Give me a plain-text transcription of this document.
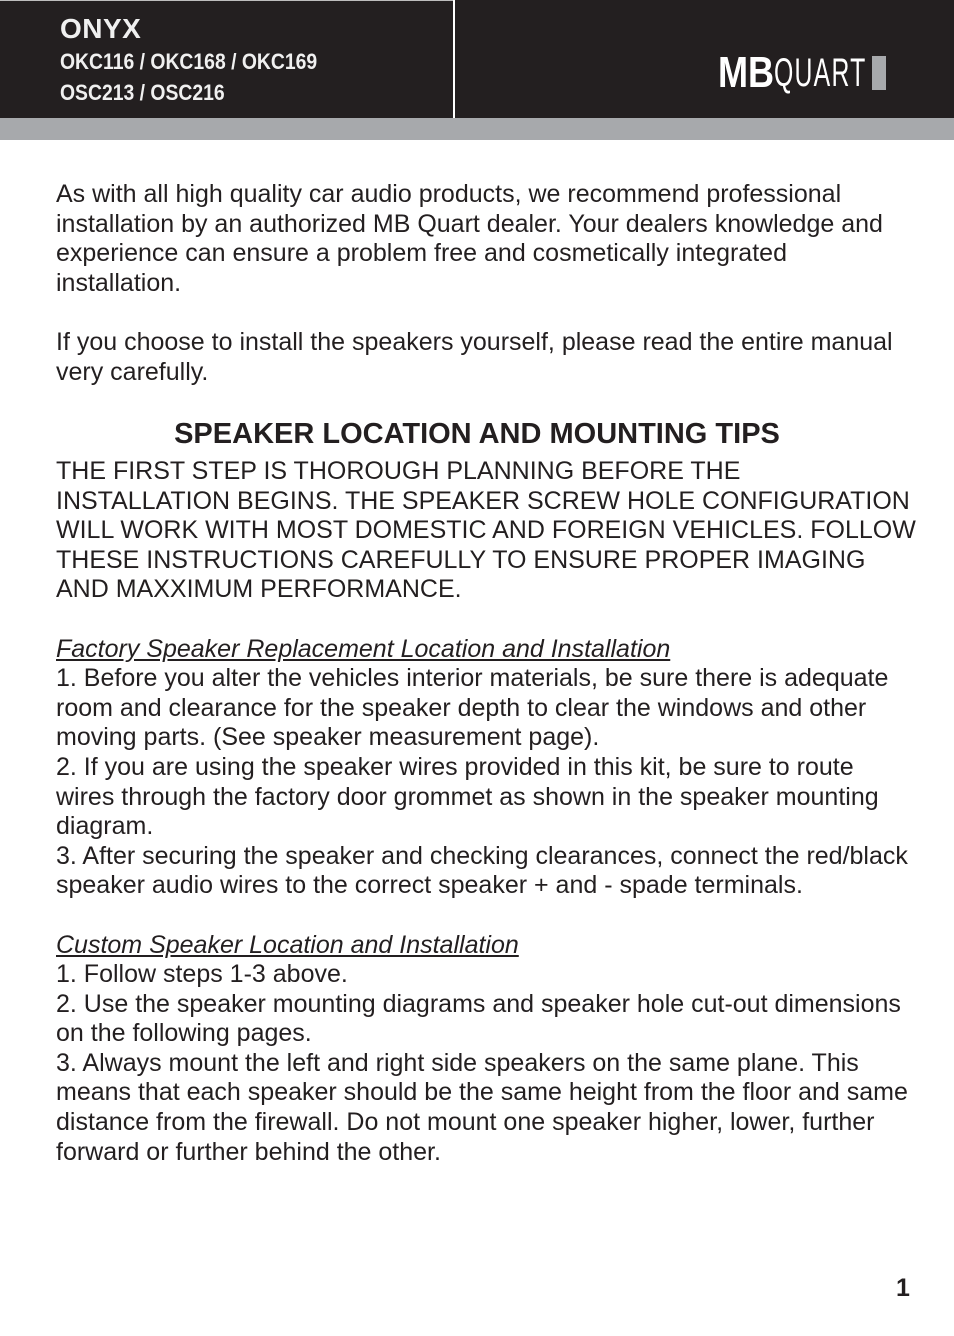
ONYX
OKC116 / OKC168 / OKC169
OSC213 / OSC216	MB QUART

As with all high quality car audio products, we recommend professional installation by an authorized MB Quart dealer. Your dealers knowledge and experience can ensure a problem free and cosmetically integrated installation.

If you choose to install the speakers yourself, please read the entire manual very carefully.

SPEAKER LOCATION AND MOUNTING TIPS

THE FIRST STEP IS THOROUGH PLANNING BEFORE THE INSTALLATION BEGINS. THE SPEAKER SCREW HOLE CONFIGURATION WILL WORK WITH MOST DOMESTIC AND FOREIGN VEHICLES. FOLLOW THESE INSTRUCTIONS CAREFULLY TO ENSURE PROPER IMAGING AND MAXXIMUM PERFORMANCE.

Factory Speaker Replacement Location and Installation

1. Before you alter the vehicles interior materials, be sure there is adequate room and clearance for the speaker depth to clear the windows and other moving parts. (See speaker measurement page).

2. If you are using the speaker wires provided in this kit, be sure to route wires through the factory door grommet as shown in the speaker mounting diagram.

3. After securing the speaker and checking clearances, connect the red/black speaker audio wires to the correct speaker + and - spade terminals.

Custom Speaker Location and Installation

1. Follow steps 1-3 above.

2. Use the speaker mounting diagrams and speaker hole cut-out dimensions on the following pages.

3. Always mount the left and right side speakers on the same plane. This means that each speaker should be the same height from the floor and same distance from the firewall. Do not mount one speaker higher, lower, further forward or further behind the other.

1
